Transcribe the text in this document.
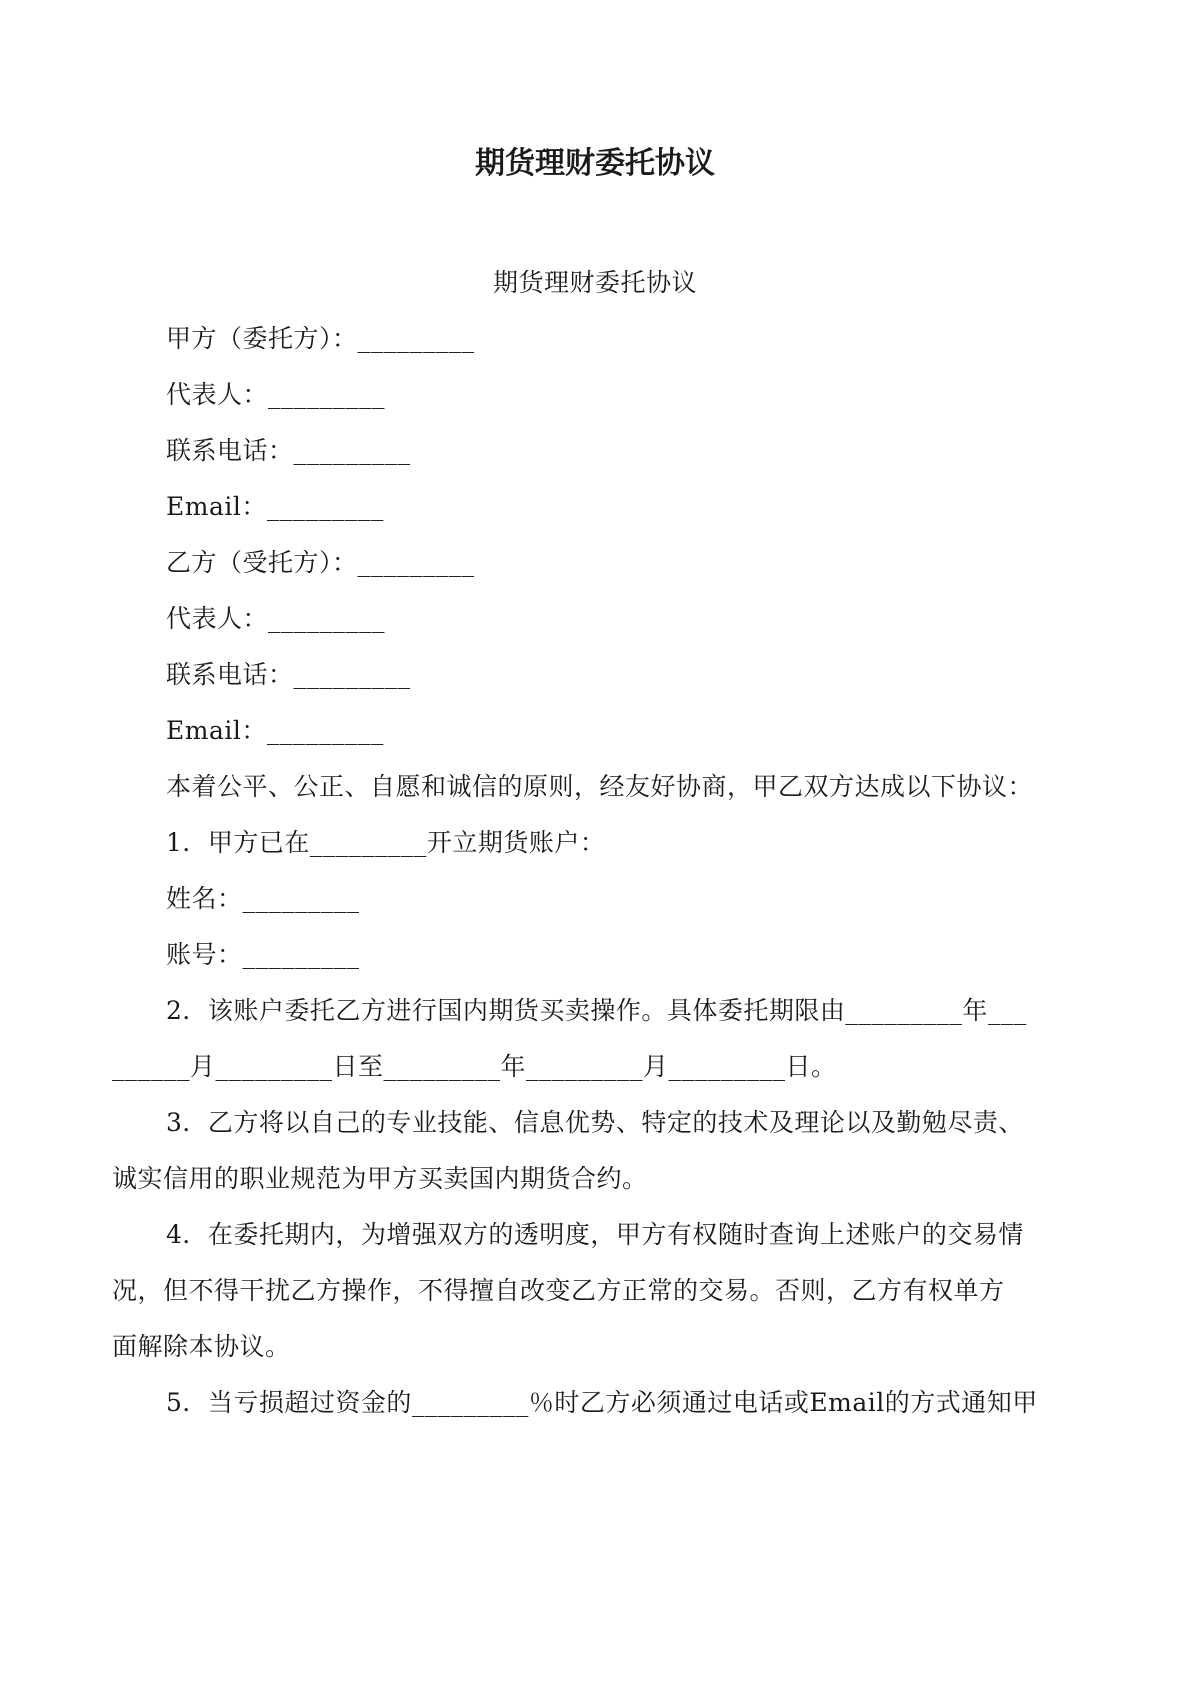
期货理财委托协议
期货理财委托协议
甲方（委托方）：_________
代表人：_________
联系电话：_________
Email：_________
乙方（受托方）：_________
代表人：_________
联系电话：_________
Email：_________
本着公平、公正、自愿和诚信的原则，经友好协商，甲乙双方达成以下协议：
1．甲方已在_________开立期货账户：
姓名：_________
账号：_________
2．该账户委托乙方进行国内期货买卖操作。具体委托期限由_________年___
______月_________日至_________年_________月_________日。
3．乙方将以自己的专业技能、信息优势、特定的技术及理论以及勤勉尽责、
诚实信用的职业规范为甲方买卖国内期货合约。
4．在委托期内，为增强双方的透明度，甲方有权随时查询上述账户的交易情
况，但不得干扰乙方操作，不得擅自改变乙方正常的交易。否则，乙方有权单方
面解除本协议。
5．当亏损超过资金的_________％时乙方必须通过电话或Email的方式通知甲
